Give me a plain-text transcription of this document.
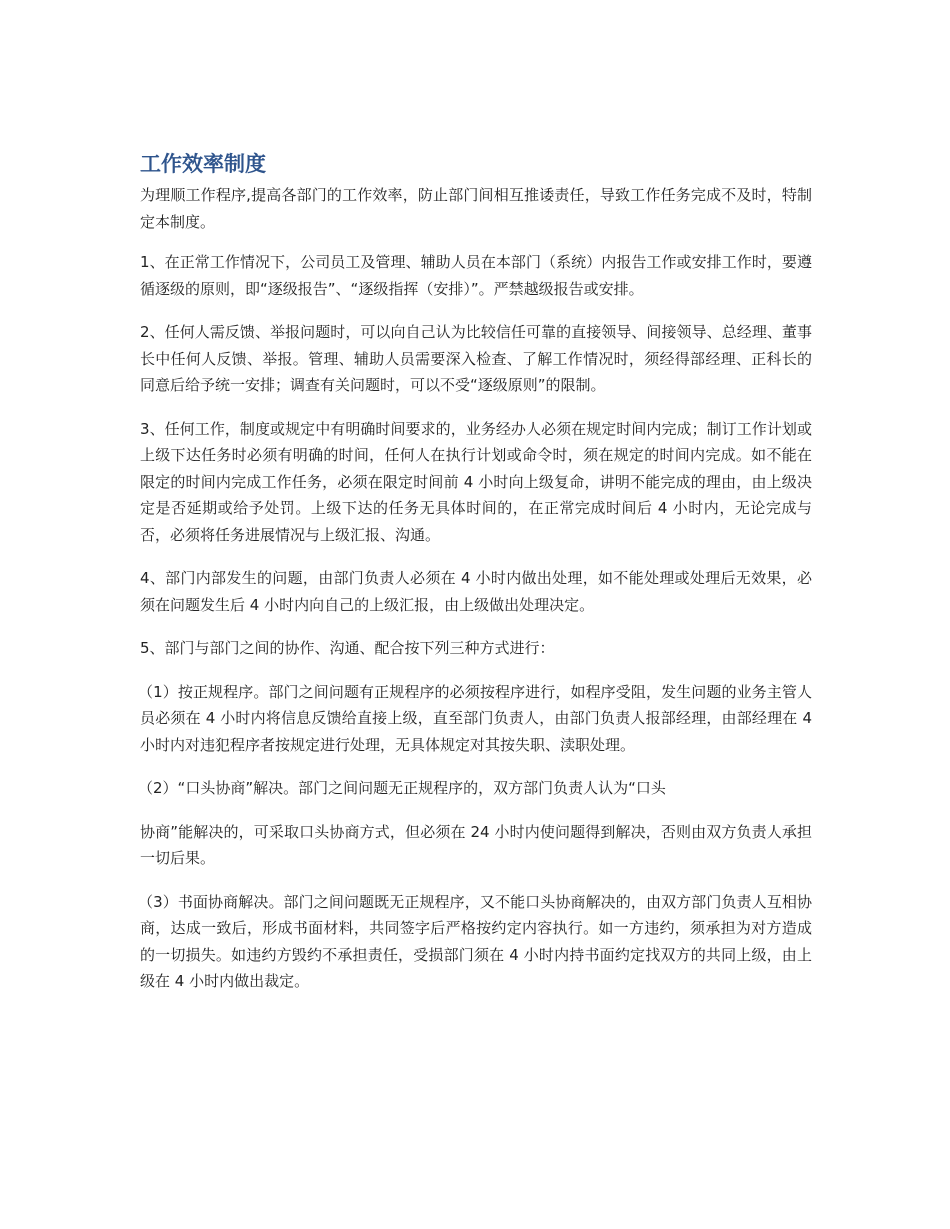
工作效率制度

为理顺工作程序,提高各部门的工作效率，防止部门间相互推诿责任，导致工作任务完成不及时，特制定本制度。

1、在正常工作情况下，公司员工及管理、辅助人员在本部门（系统）内报告工作或安排工作时，要遵循逐级的原则，即“逐级报告”、“逐级指挥（安排）”。严禁越级报告或安排。

2、任何人需反馈、举报问题时，可以向自己认为比较信任可靠的直接领导、间接领导、总经理、董事长中任何人反馈、举报。管理、辅助人员需要深入检查、了解工作情况时，须经得部经理、正科长的同意后给予统一安排；调查有关问题时，可以不受“逐级原则”的限制。

3、任何工作，制度或规定中有明确时间要求的，业务经办人必须在规定时间内完成；制订工作计划或上级下达任务时必须有明确的时间，任何人在执行计划或命令时，须在规定的时间内完成。如不能在限定的时间内完成工作任务，必须在限定时间前 4 小时向上级复命，讲明不能完成的理由，由上级决定是否延期或给予处罚。上级下达的任务无具体时间的，在正常完成时间后 4 小时内，无论完成与否，必须将任务进展情况与上级汇报、沟通。

4、部门内部发生的问题，由部门负责人必须在 4 小时内做出处理，如不能处理或处理后无效果，必须在问题发生后 4 小时内向自己的上级汇报，由上级做出处理决定。

5、部门与部门之间的协作、沟通、配合按下列三种方式进行：

（1）按正规程序。部门之间问题有正规程序的必须按程序进行，如程序受阻，发生问题的业务主管人员必须在 4 小时内将信息反馈给直接上级，直至部门负责人，由部门负责人报部经理，由部经理在 4 小时内对违犯程序者按规定进行处理，无具体规定对其按失职、渎职处理。

（2）“口头协商”解决。部门之间问题无正规程序的，双方部门负责人认为“口头

协商”能解决的，可采取口头协商方式，但必须在 24 小时内使问题得到解决，否则由双方负责人承担一切后果。

（3）书面协商解决。部门之间问题既无正规程序，又不能口头协商解决的，由双方部门负责人互相协商，达成一致后，形成书面材料，共同签字后严格按约定内容执行。如一方违约，须承担为对方造成的一切损失。如违约方毁约不承担责任，受损部门须在 4 小时内持书面约定找双方的共同上级，由上级在 4 小时内做出裁定。
